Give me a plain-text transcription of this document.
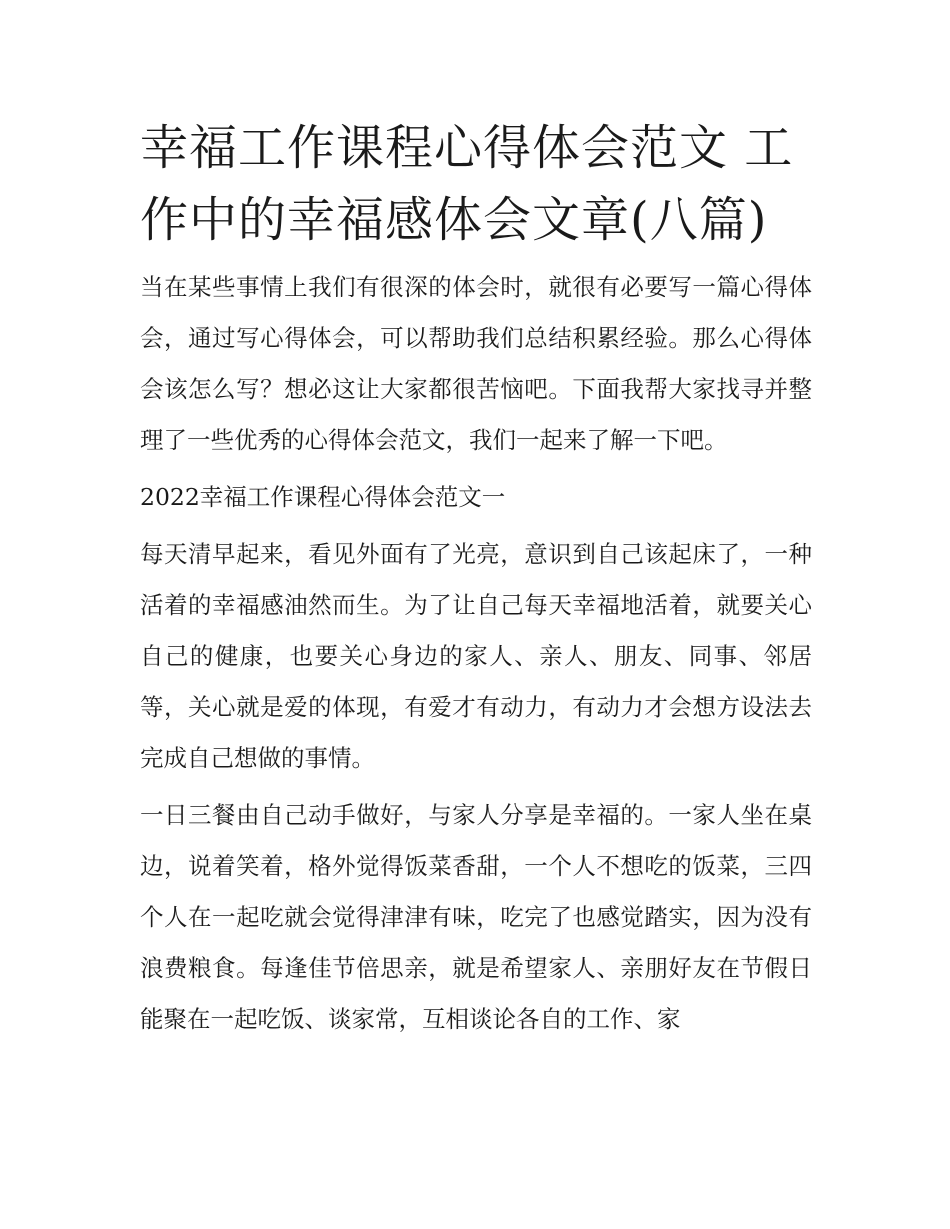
幸福工作课程心得体会范文 工作中的幸福感体会文章(八篇)

当在某些事情上我们有很深的体会时，就很有必要写一篇心得体会，通过写心得体会，可以帮助我们总结积累经验。那么心得体会该怎么写？想必这让大家都很苦恼吧。下面我帮大家找寻并整理了一些优秀的心得体会范文，我们一起来了解一下吧。

2022幸福工作课程心得体会范文一

每天清早起来，看见外面有了光亮，意识到自己该起床了，一种活着的幸福感油然而生。为了让自己每天幸福地活着，就要关心自己的健康，也要关心身边的家人、亲人、朋友、同事、邻居等，关心就是爱的体现，有爱才有动力，有动力才会想方设法去完成自己想做的事情。

一日三餐由自己动手做好，与家人分享是幸福的。一家人坐在桌边，说着笑着，格外觉得饭菜香甜，一个人不想吃的饭菜，三四个人在一起吃就会觉得津津有味，吃完了也感觉踏实，因为没有浪费粮食。每逢佳节倍思亲，就是希望家人、亲朋好友在节假日能聚在一起吃饭、谈家常，互相谈论各自的工作、家
